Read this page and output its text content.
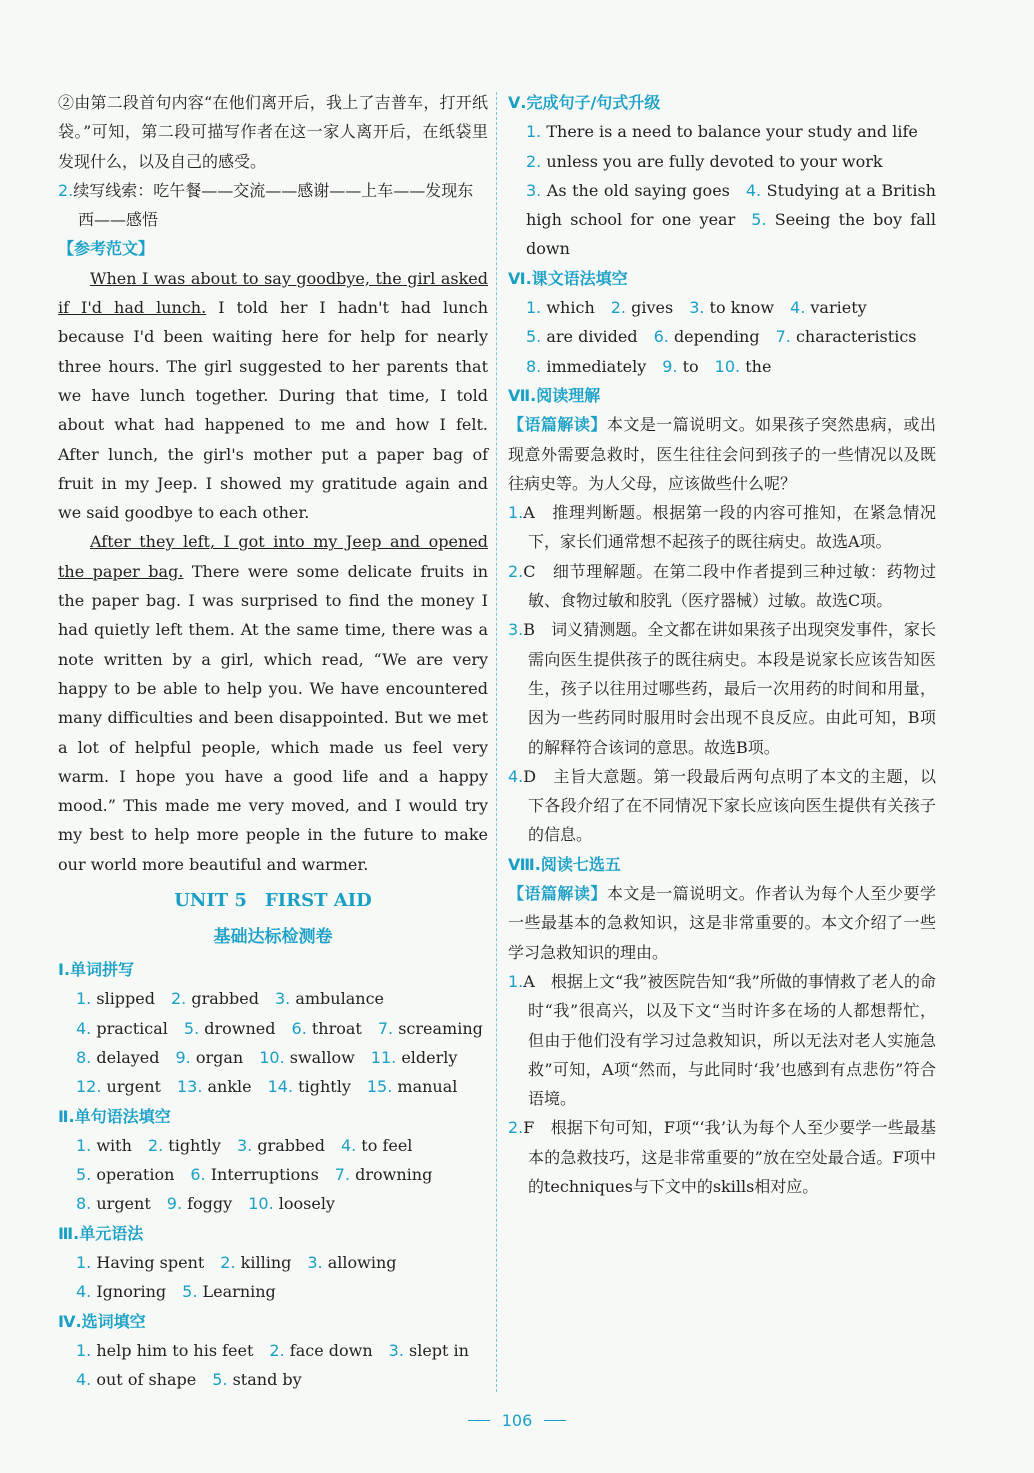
②由第二段首句内容“在他们离开后，我上了吉普车，打开纸袋。”可知，第二段可描写作者在这一家人离开后，在纸袋里发现什么，以及自己的感受。

2.续写线索：吃午餐——交流——感谢——上车——发现东西——感悟

【参考范文】

When I was about to say goodbye, the girl asked if I'd had lunch. I told her I hadn't had lunch because I'd been waiting here for help for nearly three hours. The girl suggested to her parents that we have lunch together. During that time, I told about what had happened to me and how I felt. After lunch, the girl's mother put a paper bag of fruit in my Jeep. I showed my gratitude again and we said goodbye to each other.

After they left, I got into my Jeep and opened the paper bag. There were some delicate fruits in the paper bag. I was surprised to find the money I had quietly left them. At the same time, there was a note written by a girl, which read, “We are very happy to be able to help you. We have encountered many difficulties and been disappointed. But we met a lot of helpful people, which made us feel very warm. I hope you have a good life and a happy mood.” This made me very moved, and I would try my best to help more people in the future to make our world more beautiful and warmer.

UNIT 5　FIRST AID

基础达标检测卷

Ⅰ.单词拼写

1. slipped 2. grabbed 3. ambulance

4. practical 5. drowned 6. throat 7. screaming

8. delayed 9. organ 10. swallow 11. elderly

12. urgent 13. ankle 14. tightly 15. manual

Ⅱ.单句语法填空

1. with 2. tightly 3. grabbed 4. to feel

5. operation 6. Interruptions 7. drowning

8. urgent 9. foggy 10. loosely

Ⅲ.单元语法

1. Having spent 2. killing 3. allowing

4. Ignoring 5. Learning

Ⅳ.选词填空

1. help him to his feet 2. face down 3. slept in

4. out of shape 5. stand by

Ⅴ.完成句子/句式升级

1. There is a need to balance your study and life

2. unless you are fully devoted to your work

3. As the old saying goes 4. Studying at a British high school for one year 5. Seeing the boy fall down

Ⅵ.课文语法填空

1. which 2. gives 3. to know 4. variety

5. are divided 6. depending 7. characteristics

8. immediately 9. to 10. the

Ⅶ.阅读理解

【语篇解读】本文是一篇说明文。如果孩子突然患病，或出现意外需要急救时，医生往往会问到孩子的一些情况以及既往病史等。为人父母，应该做些什么呢？

1.A　 推理判断题。根据第一段的内容可推知，在紧急情况下，家长们通常想不起孩子的既往病史。故选A项。

2.C　 细节理解题。在第二段中作者提到三种过敏：药物过敏、食物过敏和胶乳（医疗器械）过敏。故选C项。

3.B　 词义猜测题。全文都在讲如果孩子出现突发事件，家长需向医生提供孩子的既往病史。本段是说家长应该告知医生，孩子以往用过哪些药，最后一次用药的时间和用量，因为一些药同时服用时会出现不良反应。由此可知，B项的解释符合该词的意思。故选B项。

4.D　 主旨大意题。第一段最后两句点明了本文的主题，以下各段介绍了在不同情况下家长应该向医生提供有关孩子的信息。

Ⅷ.阅读七选五

【语篇解读】本文是一篇说明文。作者认为每个人至少要学一些最基本的急救知识，这是非常重要的。本文介绍了一些学习急救知识的理由。

1.A　 根据上文“我”被医院告知“我”所做的事情救了老人的命时“我”很高兴，以及下文“当时许多在场的人都想帮忙，但由于他们没有学习过急救知识，所以无法对老人实施急救”可知，A项“然而，与此同时‘我’也感到有点悲伤”符合语境。

2.F　 根据下句可知，F项“‘我’认为每个人至少要学一些最基本的急救技巧，这是非常重要的”放在空处最合适。F项中的techniques与下文中的skills相对应。

106
